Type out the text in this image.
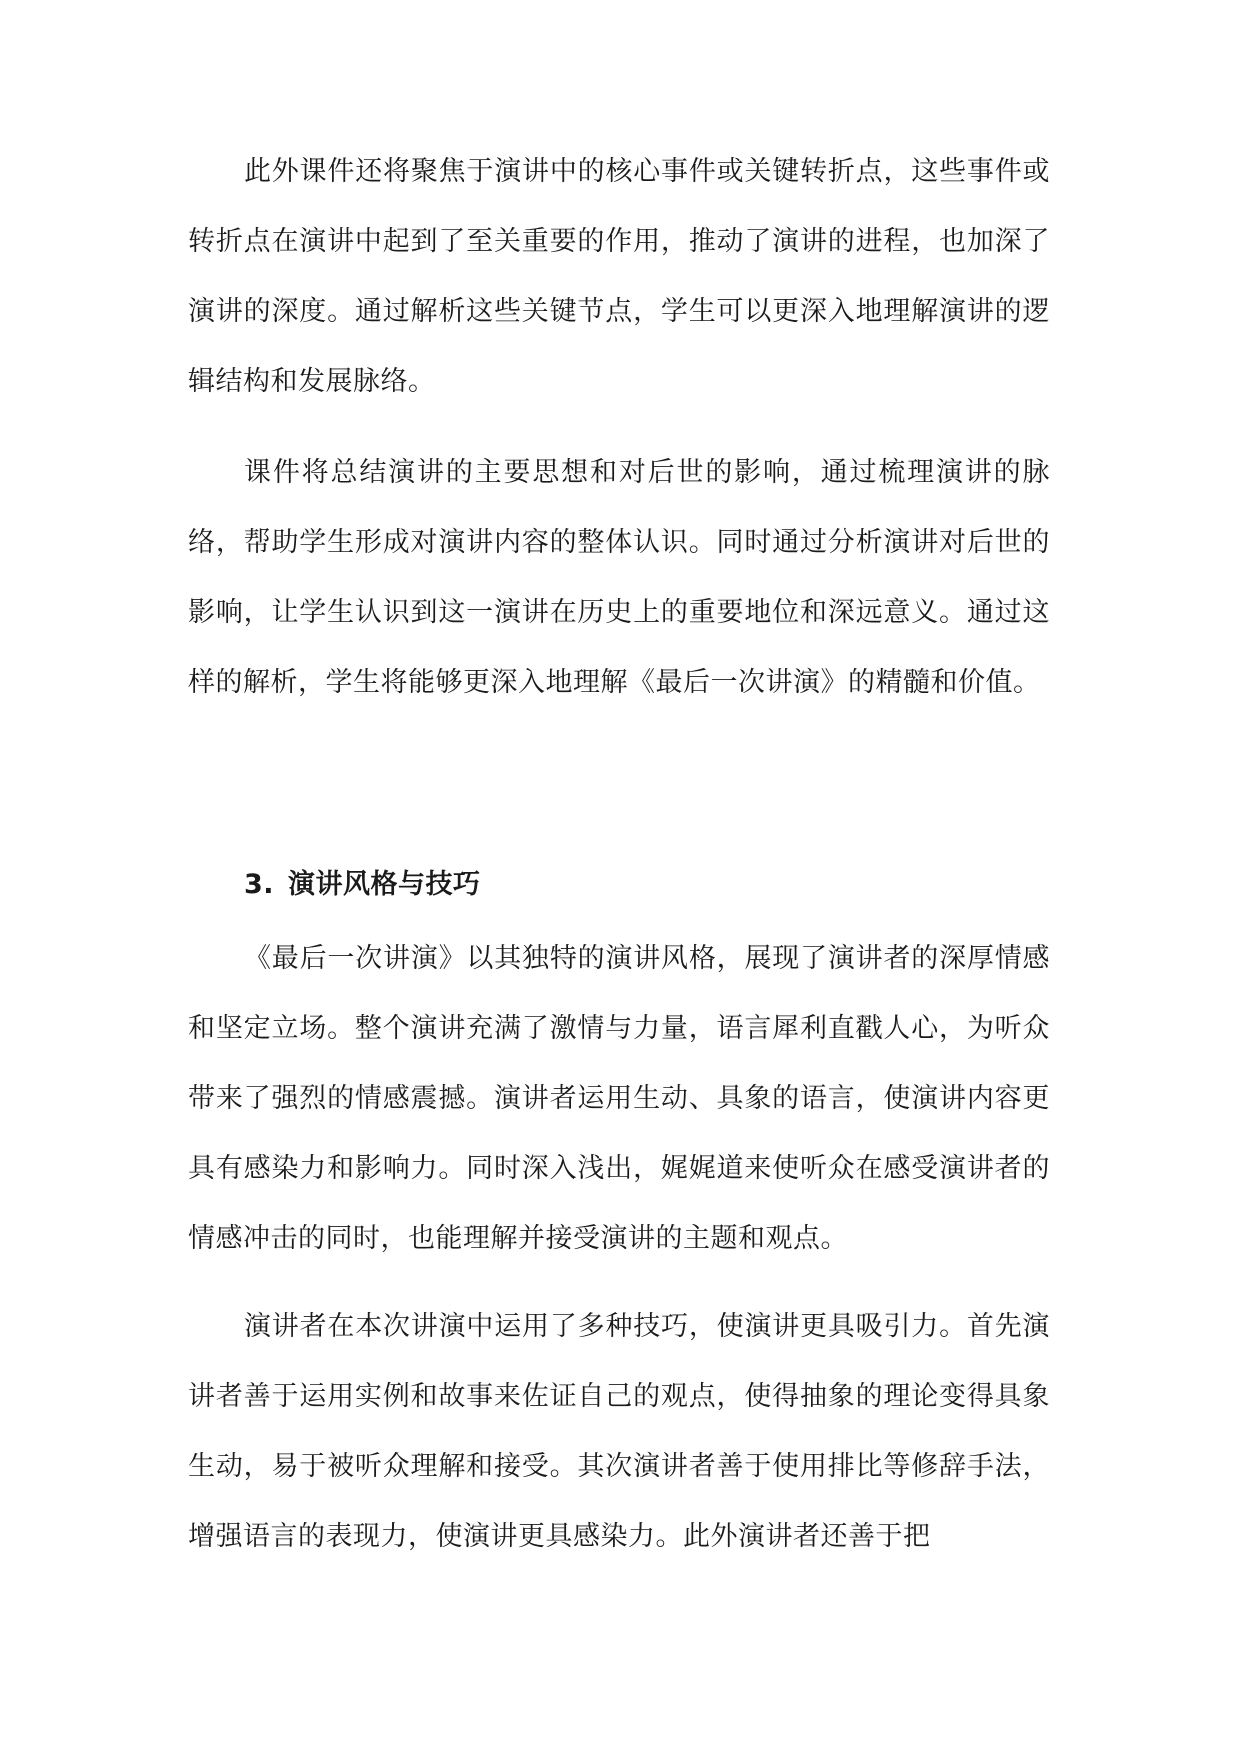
此外课件还将聚焦于演讲中的核心事件或关键转折点，这些事件或转折点在演讲中起到了至关重要的作用，推动了演讲的进程，也加深了演讲的深度。通过解析这些关键节点，学生可以更深入地理解演讲的逻辑结构和发展脉络。

课件将总结演讲的主要思想和对后世的影响，通过梳理演讲的脉络，帮助学生形成对演讲内容的整体认识。同时通过分析演讲对后世的影响，让学生认识到这一演讲在历史上的重要地位和深远意义。通过这样的解析，学生将能够更深入地理解《最后一次讲演》的精髓和价值。

3. 演讲风格与技巧

《最后一次讲演》以其独特的演讲风格，展现了演讲者的深厚情感和坚定立场。整个演讲充满了激情与力量，语言犀利直戳人心，为听众带来了强烈的情感震撼。演讲者运用生动、具象的语言，使演讲内容更具有感染力和影响力。同时深入浅出，娓娓道来使听众在感受演讲者的情感冲击的同时，也能理解并接受演讲的主题和观点。

演讲者在本次讲演中运用了多种技巧，使演讲更具吸引力。首先演讲者善于运用实例和故事来佐证自己的观点，使得抽象的理论变得具象生动，易于被听众理解和接受。其次演讲者善于使用排比等修辞手法，增强语言的表现力，使演讲更具感染力。此外演讲者还善于把
